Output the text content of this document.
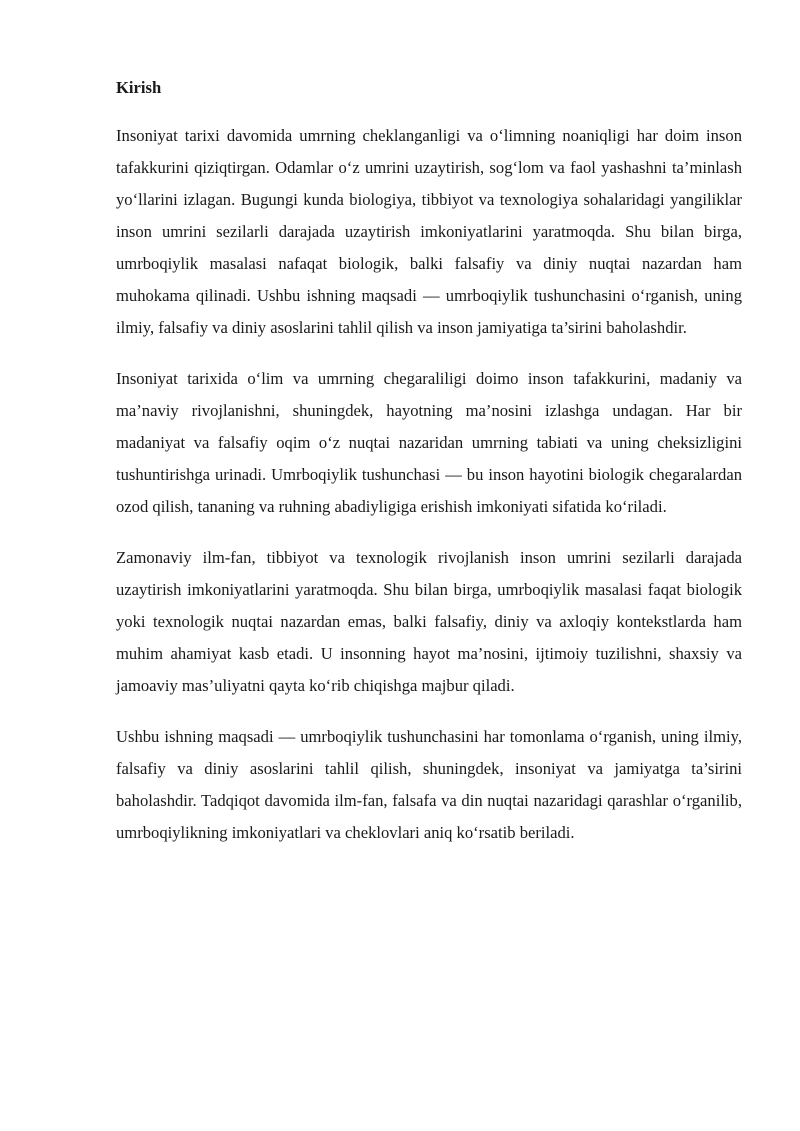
Kirish

Insoniyat tarixi davomida umrning cheklanganligi va o‘limning noaniqligi har doim inson tafakkurini qiziqtirgan. Odamlar o‘z umrini uzaytirish, sog‘lom va faol yashashni ta’minlash yo‘llarini izlagan. Bugungi kunda biologiya, tibbiyot va texnologiya sohalaridagi yangiliklar inson umrini sezilarli darajada uzaytirish imkoniyatlarini yaratmoqda. Shu bilan birga, umrboqiylik masalasi nafaqat biologik, balki falsafiy va diniy nuqtai nazardan ham muhokama qilinadi. Ushbu ishning maqsadi — umrboqiylik tushunchasini o‘rganish, uning ilmiy, falsafiy va diniy asoslarini tahlil qilish va inson jamiyatiga ta’sirini baholashdir.

Insoniyat tarixida o‘lim va umrning chegaraliligi doimo inson tafakkurini, madaniy va ma’naviy rivojlanishni, shuningdek, hayotning ma’nosini izlashga undagan. Har bir madaniyat va falsafiy oqim o‘z nuqtai nazaridan umrning tabiati va uning cheksizligini tushuntirishga urinadi. Umrboqiylik tushunchasi — bu inson hayotini biologik chegaralardan ozod qilish, tananing va ruhning abadiyligiga erishish imkoniyati sifatida ko‘riladi.

Zamonaviy ilm-fan, tibbiyot va texnologik rivojlanish inson umrini sezilarli darajada uzaytirish imkoniyatlarini yaratmoqda. Shu bilan birga, umrboqiylik masalasi faqat biologik yoki texnologik nuqtai nazardan emas, balki falsafiy, diniy va axloqiy kontekstlarda ham muhim ahamiyat kasb etadi. U insonning hayot ma’nosini, ijtimoiy tuzilishni, shaxsiy va jamoaviy mas’uliyatni qayta ko‘rib chiqishga majbur qiladi.

Ushbu ishning maqsadi — umrboqiylik tushunchasini har tomonlama o‘rganish, uning ilmiy, falsafiy va diniy asoslarini tahlil qilish, shuningdek, insoniyat va jamiyatga ta’sirini baholashdir. Tadqiqot davomida ilm-fan, falsafa va din nuqtai nazaridagi qarashlar o‘rganilib, umrboqiylikning imkoniyatlari va cheklovlari aniq ko‘rsatib beriladi.
